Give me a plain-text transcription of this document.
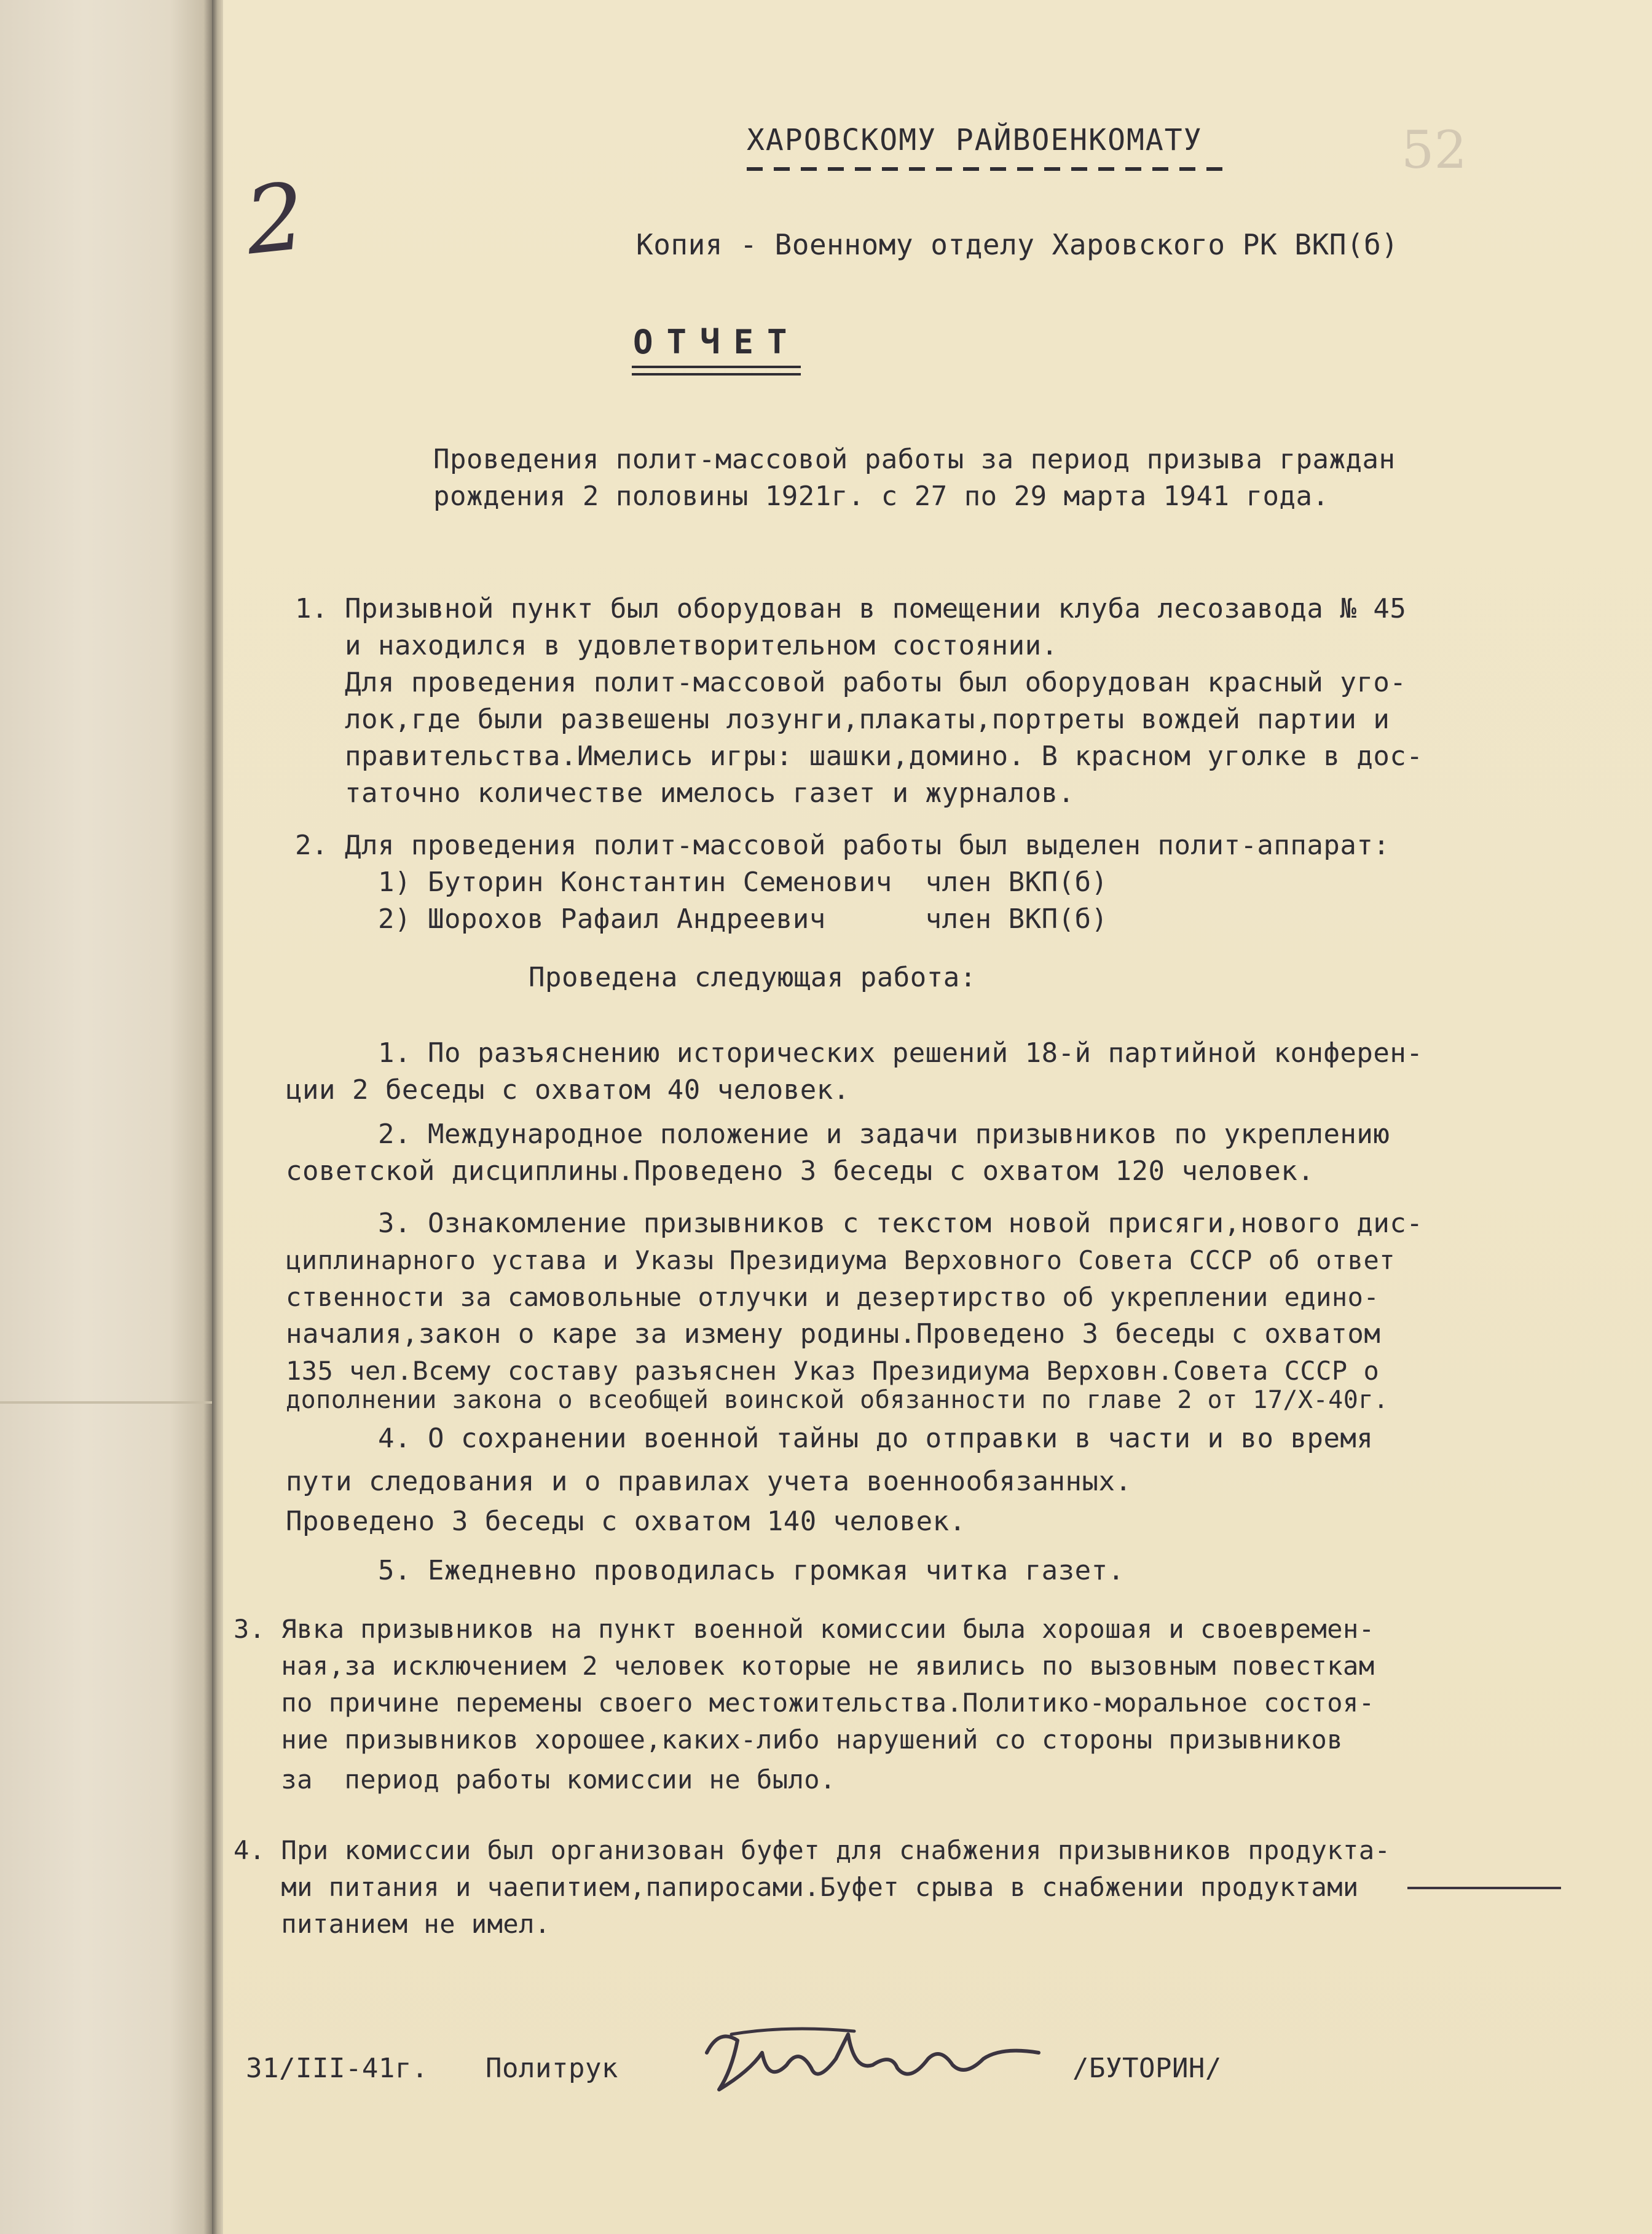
52
2
ХАРОВСКОМУ РАЙВОЕНКОМАТУ
Копия - Военному отделу Харовского РК ВКП(б)
ОТЧЕТ
Проведения полит-массовой работы за период призыва граждан
рождения 2 половины 1921г. с 27 по 29 марта 1941 года.
1. Призывной пункт был оборудован в помещении клуба лесозавода № 45
и находился в удовлетворительном состоянии.
Для проведения полит-массовой работы был оборудован красный уго-
лок,где были развешены лозунги,плакаты,портреты вождей партии и
правительства.Имелись игры: шашки,домино. В красном уголке в дос-
таточно количестве имелось газет и журналов.
2. Для проведения полит-массовой работы был выделен полит-аппарат:
1) Буторин Константин Семенович  член ВКП(б)
2) Шорохов Рафаил Андреевич      член ВКП(б)
Проведена следующая работа:
1. По разъяснению исторических решений 18-й партийной конферен-
ции 2 беседы с охватом 40 человек.
2. Международное положение и задачи призывников по укреплению
советской дисциплины.Проведено 3 беседы с охватом 120 человек.
3. Ознакомление призывников с текстом новой присяги,нового дис-
циплинарного устава и Указы Президиума Верховного Совета СССР об ответ
ственности за самовольные отлучки и дезертирство об укреплении едино-
началия,закон о каре за измену родины.Проведено 3 беседы с охватом
135 чел.Всему составу разъяснен Указ Президиума Верховн.Совета СССР о
дополнении закона о всеобщей воинской обязанности по главе 2 от 17/X-40г.
4. О сохранении военной тайны до отправки в части и во время
пути следования и о правилах учета военнообязанных.
Проведено 3 беседы с охватом 140 человек.
5. Ежедневно проводилась громкая читка газет.
3. Явка призывников на пункт военной комиссии была хорошая и своевремен-
ная,за исключением 2 человек которые не явились по вызовным повесткам
по причине перемены своего местожительства.Политико-моральное состоя-
ние призывников хорошее,каких-либо нарушений со стороны призывников
за  период работы комиссии не было.
4. При комиссии был организован буфет для снабжения призывников продукта-
ми питания и чаепитием,папиросами.Буфет срыва в снабжении продуктами
питанием не имел.
31/III-41г. Политрук	/БУТОРИН/
